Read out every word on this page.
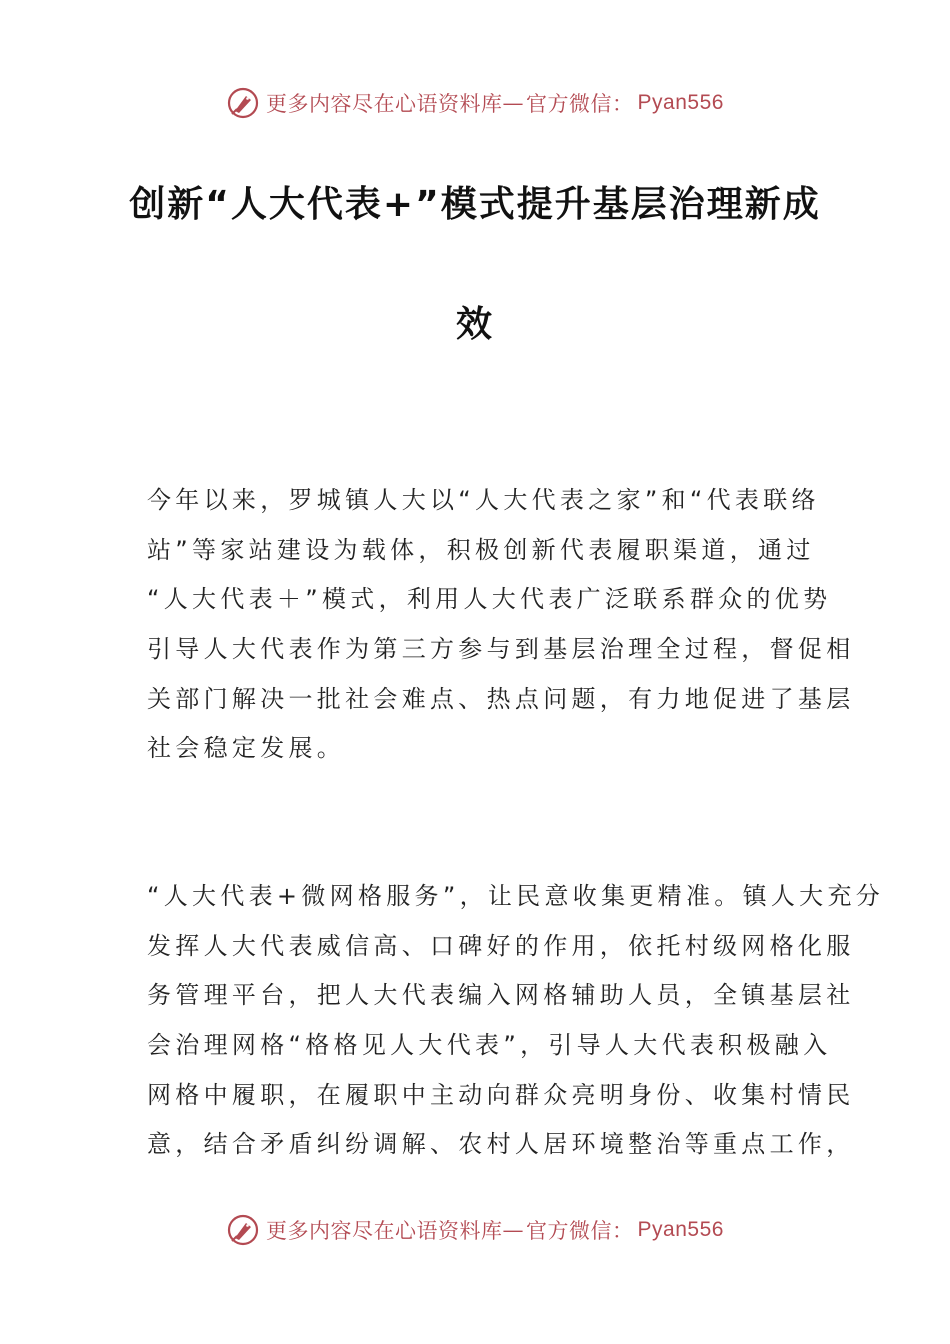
更多内容尽在心语资料库 — 官方微信： Pyan556
创新“人大代表+”模式提升基层治理新成
效
今年以来，罗城镇人大以“人大代表之家”和“代表联络
站”等家站建设为载体，积极创新代表履职渠道，通过
“人大代表＋”模式，利用人大代表广泛联系群众的优势
引导人大代表作为第三方参与到基层治理全过程，督促相
关部门解决一批社会难点、热点问题，有力地促进了基层
社会稳定发展。
“人大代表+微网格服务”，让民意收集更精准。镇人大充分
发挥人大代表威信高、口碑好的作用，依托村级网格化服
务管理平台，把人大代表编入网格辅助人员，全镇基层社
会治理网格“格格见人大代表”，引导人大代表积极融入
网格中履职，在履职中主动向群众亮明身份、收集村情民
意，结合矛盾纠纷调解、农村人居环境整治等重点工作，
更多内容尽在心语资料库 — 官方微信： Pyan556
